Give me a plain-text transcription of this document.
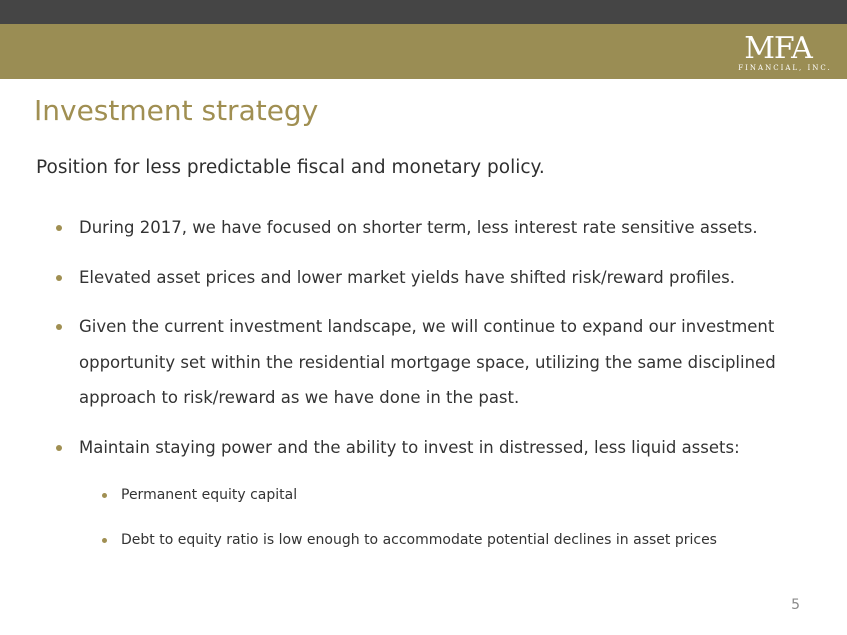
MFA
FINANCIAL, INC.
Investment strategy

Position for less predictable fiscal and monetary policy.

During 2017, we have focused on shorter term, less interest rate sensitive assets.
Elevated asset prices and lower market yields have shifted risk/reward profiles.
Given the current investment landscape, we will continue to expand our investment opportunity set within the residential mortgage space, utilizing the same disciplined approach to risk/reward as we have done in the past.
Maintain staying power and the ability to invest in distressed, less liquid assets:
Permanent equity capital
Debt to equity ratio is low enough to accommodate potential declines in asset prices
5
